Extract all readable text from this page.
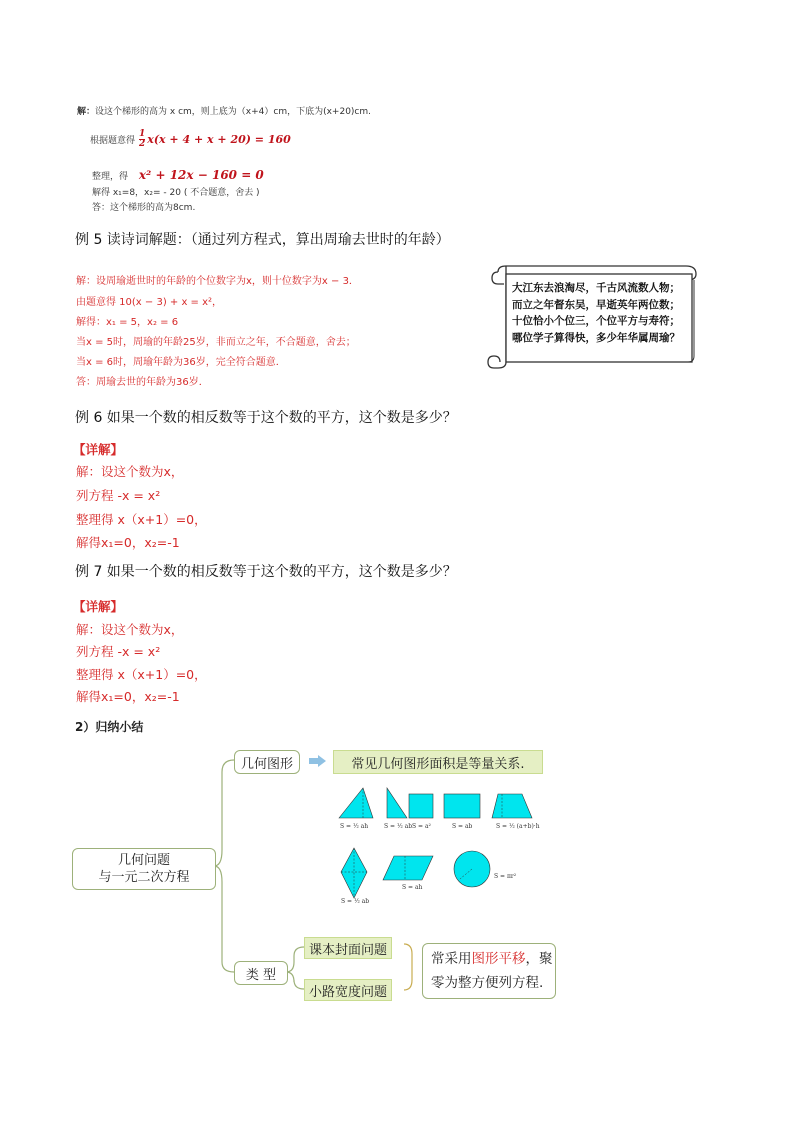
解：设这个梯形的高为 x cm，则上底为（x+4）cm，下底为(x+20)cm.
根据题意得
1
2 x(x + 4 + x + 20) = 160
整理，得 x² + 12x − 160 = 0
解得 x₁=8，x₂= - 20 ( 不合题意，舍去 )
答：这个梯形的高为8cm.
例 5 读诗词解题：（通过列方程式，算出周瑜去世时的年龄）
解：设周瑜逝世时的年龄的个位数字为x，则十位数字为x − 3．
由题意得 10(x − 3) + x = x²，
解得：x₁ = 5，x₂ = 6
当x = 5时，周瑜的年龄25岁，非而立之年，不合题意，舍去；
当x = 6时，周瑜年龄为36岁，完全符合题意．
答：周瑜去世的年龄为36岁．
大江东去浪淘尽，千古风流数人物；
而立之年督东吴，早逝英年两位数；
十位恰小个位三，个位平方与寿符；
哪位学子算得快，多少年华属周瑜？
例 6 如果一个数的相反数等于这个数的平方，这个数是多少？
【详解】
解：设这个数为x，
列方程 -x = x²
整理得 x（x+1）=0，
解得x₁=0，x₂=-1
例 7 如果一个数的相反数等于这个数的平方，这个数是多少？
【详解】
解：设这个数为x，
列方程 -x = x²
整理得 x（x+1）=0，
解得x₁=0，x₂=-1
2）归纳小结
几何问题
与一元二次方程
几何图形	常见几何图形面积是等量关系.
S = ½ ah	S = ½ ab S = a²	S = ab	S = ½ (a+b)·h
S = ½ ab
S = ah
S = πr²
类 型
课本封面问题
小路宽度问题
常采用图形平移，聚
零为整方便列方程.
